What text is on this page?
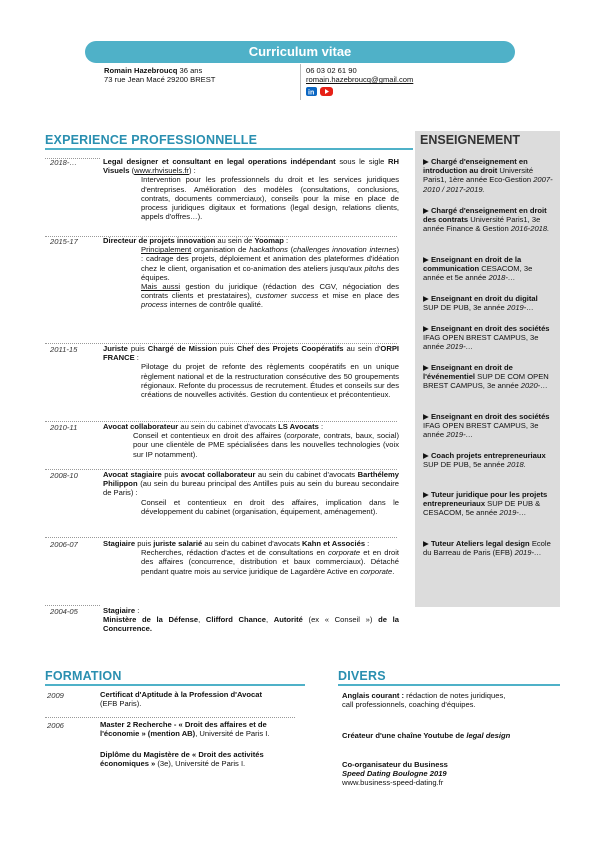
Curriculum vitae
Romain Hazebroucq 36 ans
73 rue Jean Macé 29200 BREST
06 03 02 61 90
romain.hazebroucq@gmail.com
in
EXPERIENCE PROFESSIONNELLE	ENSEIGNEMENT
2018-…	Legal designer et consultant en legal operations indépendant sous le sigle RH Visuels (www.rhvisuels.fr) :
Intervention pour les professionnels du droit et les services juridiques d'entreprises. Amélioration des modèles (consultations, conclusions, contrats, documents commerciaux), conseils pour la mise en place de process juridiques digitaux et formations (legal design, relations clients, appels d'offres…).
2015-17	Directeur de projets innovation au sein de Yoomap :
Principalement organisation de hackathons (challenges innovation internes) : cadrage des projets, déploiement et animation des plateformes d'idéation chez le client, organisation et co-animation des ateliers jusqu'aux pitchs des équipes.
Mais aussi gestion du juridique (rédaction des CGV, négociation des contrats clients et prestataires), customer success et mise en place des process internes de contrôle qualité.
2011-15	Juriste puis Chargé de Mission puis Chef des Projets Coopératifs au sein d'ORPI FRANCE :
Pilotage du projet de refonte des règlements coopératifs en un unique règlement national et de la restructuration consécutive des 50 groupements régionaux. Refonte du processus de recrutement. Études et conseils sur des créations de nouvelles activités. Gestion du contentieux et précontentieux.
2010-11	Avocat collaborateur au sein du cabinet d'avocats LS Avocats :
Conseil et contentieux en droit des affaires (corporate, contrats, baux, social) pour une clientèle de PME spécialisées dans les nouvelles technologies (voix sur IP notamment).
2008-10	Avocat stagiaire puis avocat collaborateur au sein du cabinet d'avocats Barthélemy Philippon (au sein du bureau principal des Antilles puis au sein du bureau secondaire de Paris) :
Conseil et contentieux en droit des affaires, implication dans le développement du cabinet (organisation, équipement, aménagement).
2006-07	Stagiaire puis juriste salarié au sein du cabinet d'avocats Kahn et Associés :
Recherches, rédaction d'actes et de consultations en corporate et en droit des affaires (concurrence, distribution et baux commerciaux). Détaché pendant quatre mois au service juridique de Lagardère Active en corporate.
2004-05	Stagiaire :
Ministère de la Défense, Clifford Chance, Autorité (ex « Conseil ») de la Concurrence.
▶ Chargé d'enseignement en introduction au droit Université Paris1, 1ère année Eco-Gestion 2007-2010 / 2017-2019.
▶ Chargé d'enseignement en droit des contrats Université Paris1, 3e année Finance & Gestion 2016-2018.
▶ Enseignant en droit de la communication CESACOM, 3e année et 5e année 2018-…
▶ Enseignant en droit du digital SUP DE PUB, 3e année 2019-…
▶ Enseignant en droit des sociétés IFAG OPEN BREST CAMPUS, 3e année 2019-…
▶ Enseignant en droit de l'événementiel SUP DE COM OPEN BREST CAMPUS, 3e année 2020-…
▶ Enseignant en droit des sociétés IFAG OPEN BREST CAMPUS, 3e année 2019-…
▶ Coach projets entrepreneuriaux SUP DE PUB, 5e année 2018.
▶ Tuteur juridique pour les projets entrepreneuriaux SUP DE PUB & CESACOM, 5e année 2019-…
▶ Tuteur Ateliers legal design Ecole du Barreau de Paris (EFB) 2019-…
FORMATION
2009	Certificat d'Aptitude à la Profession d'Avocat
(EFB Paris).
2006	Master 2 Recherche - « Droit des affaires et de l'économie » (mention AB), Université de Paris I.
Diplôme du Magistère de « Droit des activités économiques » (3e), Université de Paris I.
DIVERS
Anglais courant : rédaction de notes juridiques, call professionnels, coaching d'équipes.
Créateur d'une chaîne Youtube de legal design
Co-organisateur du Business
Speed Dating Boulogne 2019
www.business-speed-dating.fr
